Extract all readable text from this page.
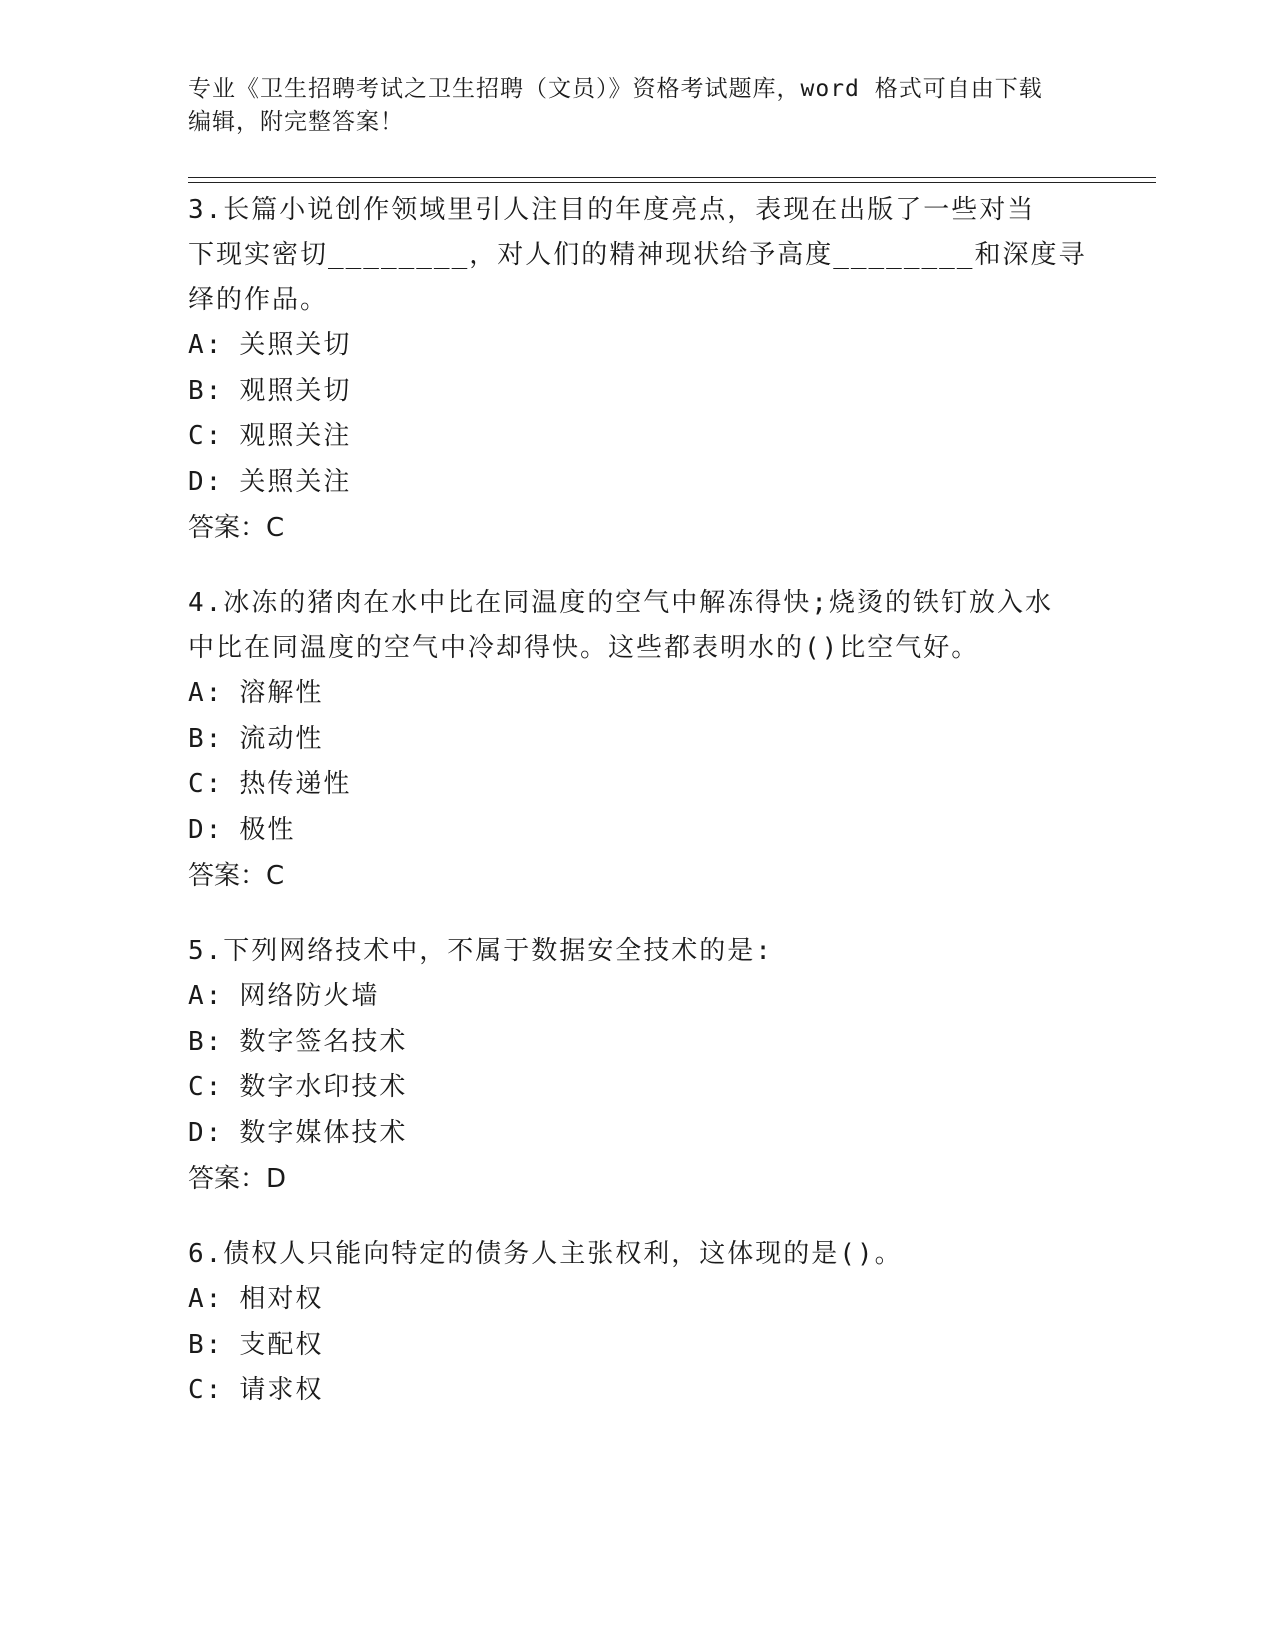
专业《卫生招聘考试之卫生招聘（文员）》资格考试题库，word 格式可自由下载
编辑，附完整答案！

3.长篇小说创作领域里引人注目的年度亮点，表现在出版了一些对当

下现实密切________，对人们的精神现状给予高度________和深度寻

绎的作品。

A: 关照关切
B: 观照关切
C: 观照关注
D: 关照关注

答案：C

4.冰冻的猪肉在水中比在同温度的空气中解冻得快;烧烫的铁钉放入水

中比在同温度的空气中冷却得快。这些都表明水的()比空气好。

A: 溶解性
B: 流动性
C: 热传递性
D: 极性

答案：C

5.下列网络技术中，不属于数据安全技术的是:

A: 网络防火墙
B: 数字签名技术
C: 数字水印技术
D: 数字媒体技术

答案：D

6.债权人只能向特定的债务人主张权利，这体现的是()。

A: 相对权
B: 支配权
C: 请求权
